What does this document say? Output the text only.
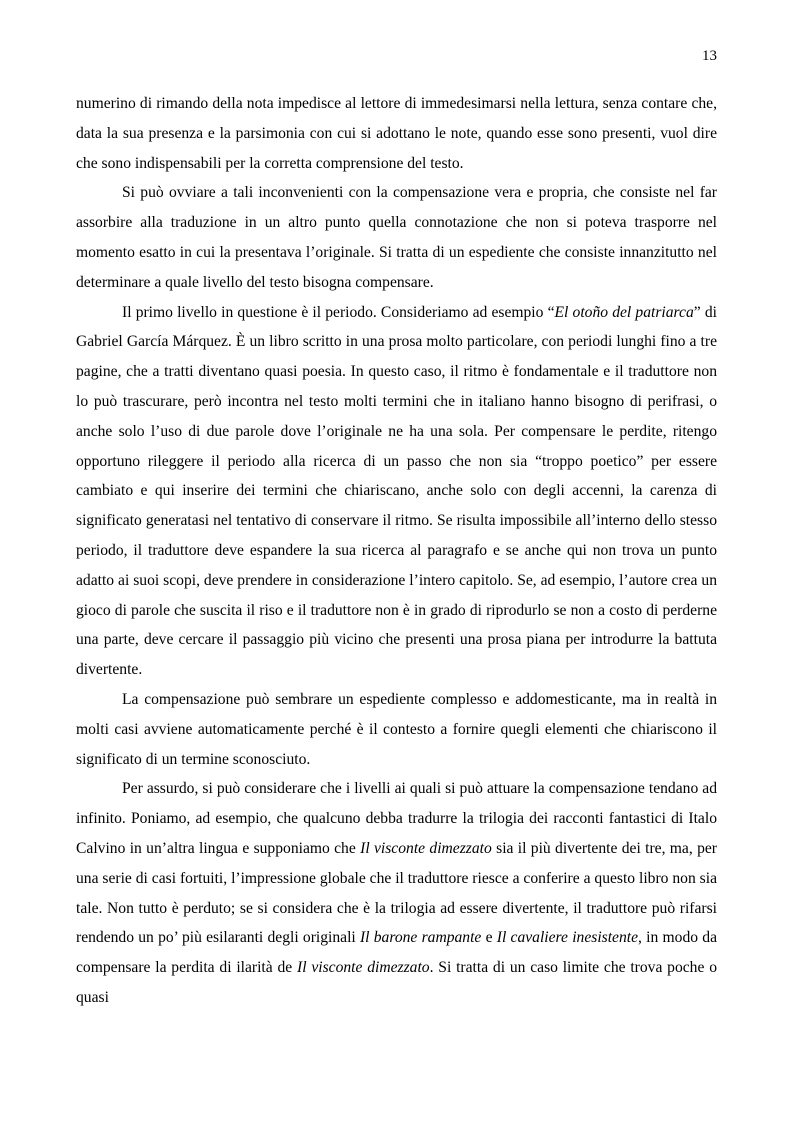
13

numerino di rimando della nota impedisce al lettore di immedesimarsi nella lettura, senza contare che, data la sua presenza e la parsimonia con cui si adottano le note, quando esse sono presenti, vuol dire che sono indispensabili per la corretta comprensione del testo.

Si può ovviare a tali inconvenienti con la compensazione vera e propria, che consiste nel far assorbire alla traduzione in un altro punto quella connotazione che non si poteva trasporre nel momento esatto in cui la presentava l’originale. Si tratta di un espediente che consiste innanzitutto nel determinare a quale livello del testo bisogna compensare.

Il primo livello in questione è il periodo. Consideriamo ad esempio “El otoño del patriarca” di Gabriel García Márquez. È un libro scritto in una prosa molto particolare, con periodi lunghi fino a tre pagine, che a tratti diventano quasi poesia. In questo caso, il ritmo è fondamentale e il traduttore non lo può trascurare, però incontra nel testo molti termini che in italiano hanno bisogno di perifrasi, o anche solo l’uso di due parole dove l’originale ne ha una sola. Per compensare le perdite, ritengo opportuno rileggere il periodo alla ricerca di un passo che non sia “troppo poetico” per essere cambiato e qui inserire dei termini che chiariscano, anche solo con degli accenni, la carenza di significato generatasi nel tentativo di conservare il ritmo. Se risulta impossibile all’interno dello stesso periodo, il traduttore deve espandere la sua ricerca al paragrafo e se anche qui non trova un punto adatto ai suoi scopi, deve prendere in considerazione l’intero capitolo. Se, ad esempio, l’autore crea un gioco di parole che suscita il riso e il traduttore non è in grado di riprodurlo se non a costo di perderne una parte, deve cercare il passaggio più vicino che presenti una prosa piana per introdurre la battuta divertente.

La compensazione può sembrare un espediente complesso e addomesticante, ma in realtà in molti casi avviene automaticamente perché è il contesto a fornire quegli elementi che chiariscono il significato di un termine sconosciuto.

Per assurdo, si può considerare che i livelli ai quali si può attuare la compensazione tendano ad infinito. Poniamo, ad esempio, che qualcuno debba tradurre la trilogia dei racconti fantastici di Italo Calvino in un’altra lingua e supponiamo che Il visconte dimezzato sia il più divertente dei tre, ma, per una serie di casi fortuiti, l’impressione globale che il traduttore riesce a conferire a questo libro non sia tale. Non tutto è perduto; se si considera che è la trilogia ad essere divertente, il traduttore può rifarsi rendendo un po’ più esilaranti degli originali Il barone rampante e Il cavaliere inesistente, in modo da compensare la perdita di ilarità de Il visconte dimezzato. Si tratta di un caso limite che trova poche o quasi
